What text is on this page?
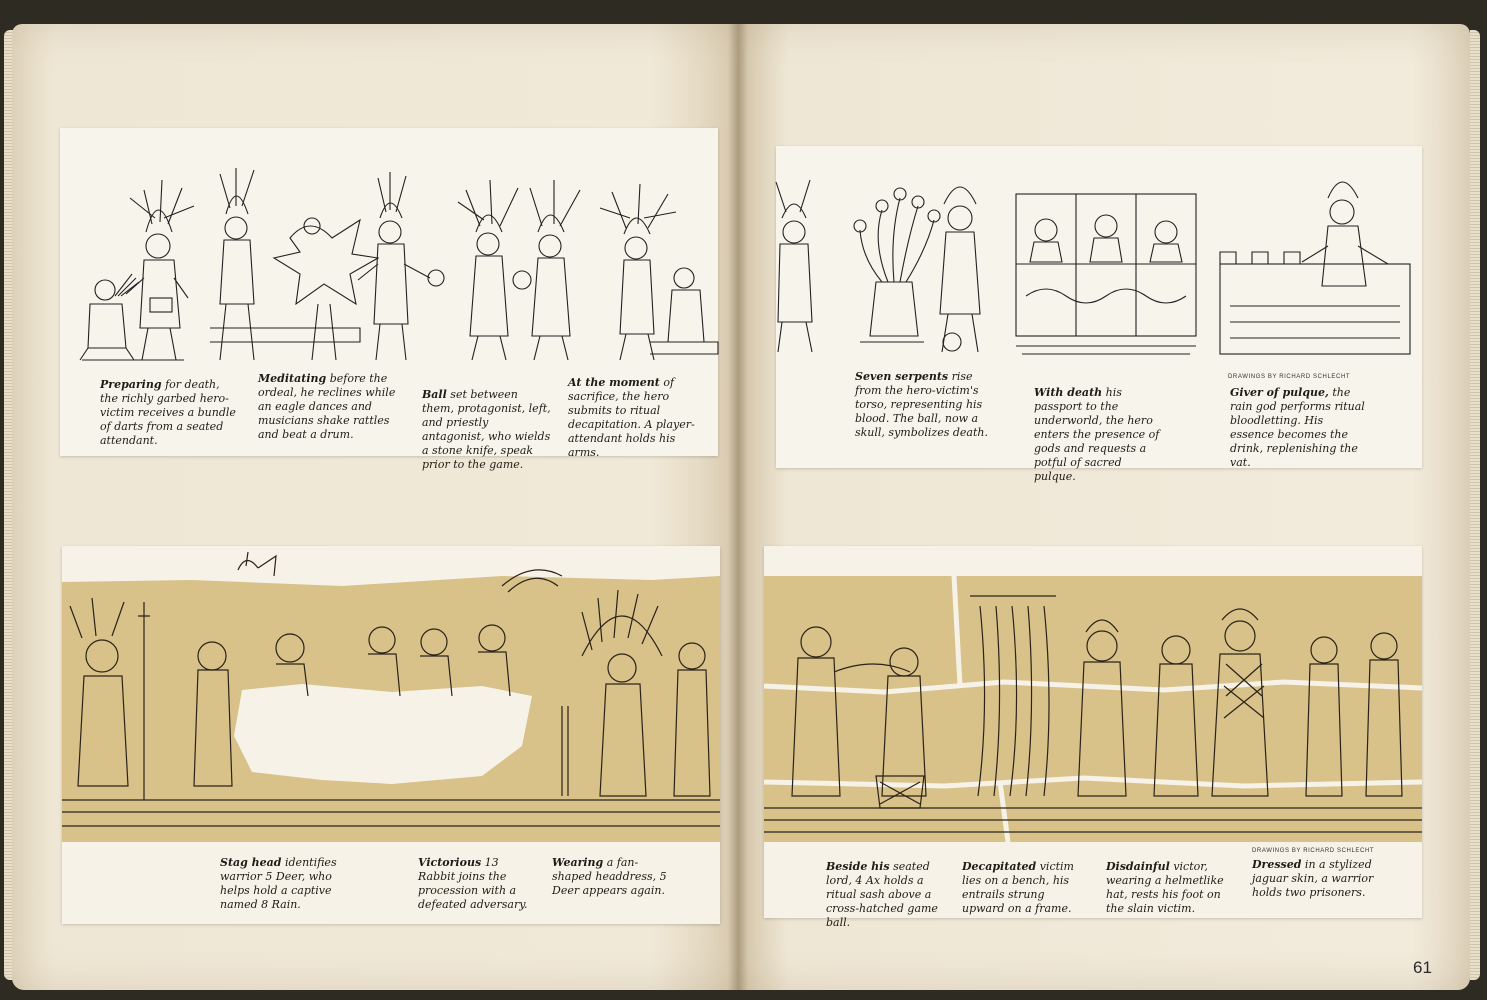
Preparing for death, the richly garbed hero-victim receives a bundle of darts from a seated attendant.

Meditating before the ordeal, he reclines while an eagle dances and musicians shake rattles and beat a drum.

Ball set between them, protagonist, left, and priestly antagonist, who wields a stone knife, speak prior to the game.

At the moment of sacrifice, the hero submits to ritual decapitation. A player-attendant holds his arms.

DRAWINGS BY RICHARD SCHLECHT

Seven serpents rise from the hero-victim's torso, representing his blood. The ball, now a skull, symbolizes death.

With death his passport to the underworld, the hero enters the presence of gods and requests a potful of sacred pulque.

Giver of pulque, the rain god performs ritual bloodletting. His essence becomes the drink, replenishing the vat.

Stag head identifies warrior 5 Deer, who helps hold a captive named 8 Rain.

Victorious 13 Rabbit joins the procession with a defeated adversary.

Wearing a fan-shaped headdress, 5 Deer appears again.

DRAWINGS BY RICHARD SCHLECHT

Beside his seated lord, 4 Ax holds a ritual sash above a cross-hatched game ball.

Decapitated victim lies on a bench, his entrails strung upward on a frame.

Disdainful victor, wearing a helmetlike hat, rests his foot on the slain victim.

Dressed in a stylized jaguar skin, a warrior holds two prisoners.

61
